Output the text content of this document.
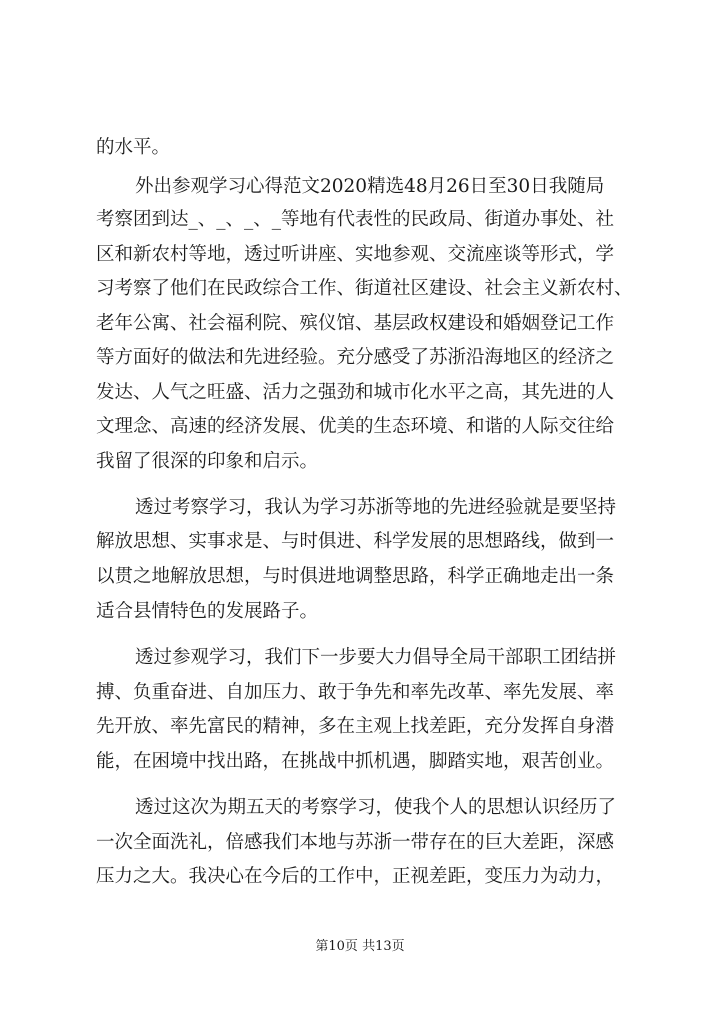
的水平。
外出参观学习心得范文2020精选48月26日至30日我随局
考察团到达_、_、_、_等地有代表性的民政局、街道办事处、社
区和新农村等地，透过听讲座、实地参观、交流座谈等形式，学
习考察了他们在民政综合工作、街道社区建设、社会主义新农村、
老年公寓、社会福利院、殡仪馆、基层政权建设和婚姻登记工作
等方面好的做法和先进经验。充分感受了苏浙沿海地区的经济之
发达、人气之旺盛、活力之强劲和城市化水平之高，其先进的人
文理念、高速的经济发展、优美的生态环境、和谐的人际交往给
我留了很深的印象和启示。
透过考察学习，我认为学习苏浙等地的先进经验就是要坚持
解放思想、实事求是、与时俱进、科学发展的思想路线，做到一
以贯之地解放思想，与时俱进地调整思路，科学正确地走出一条
适合县情特色的发展路子。
透过参观学习，我们下一步要大力倡导全局干部职工团结拼
搏、负重奋进、自加压力、敢于争先和率先改革、率先发展、率
先开放、率先富民的精神，多在主观上找差距，充分发挥自身潜
能，在困境中找出路，在挑战中抓机遇，脚踏实地，艰苦创业。
透过这次为期五天的考察学习，使我个人的思想认识经历了
一次全面洗礼，倍感我们本地与苏浙一带存在的巨大差距，深感
压力之大。我决心在今后的工作中，正视差距，变压力为动力，
第10页 共13页
